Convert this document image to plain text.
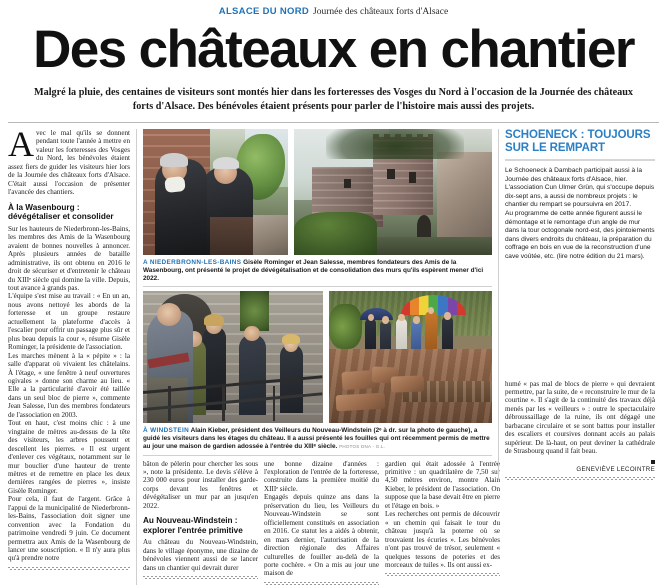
ALSACE DU NORD Journée des châteaux forts d'Alsace
Des châteaux en chantier
Malgré la pluie, des centaines de visiteurs sont montés hier dans les forteresses des Vosges du Nord à l'occasion de la Journée des châteaux forts d'Alsace. Des bénévoles étaient présents pour parler de l'histoire mais aussi des projets.

Avec le mal qu'ils se donnent pendant toute l'année à mettre en valeur les forteresses des Vosges du Nord, les bénévoles étaient assez fiers de guider les visiteurs hier lors de la Journée des châteaux forts d'Alsace. C'était aussi l'occasion de présenter l'avancée des chantiers.

À la Wasenbourg :
dévégétaliser et consolider

Sur les hauteurs de Niederbronn-les-Bains, les membres des Amis de la Wasenbourg avaient de bonnes nouvelles à annoncer. Après plusieurs années de bataille administrative, ils ont obtenu en 2016 le droit de sécuriser et d'entretenir le château du XIIIᵉ siècle qui domine la ville. Depuis, tout avance à grands pas.

L'équipe s'est mise au travail : « En un an, nous avons nettoyé les abords de la forteresse et un groupe restaure actuellement la plateforme d'accès à l'escalier pour offrir un passage plus sûr et plus beau depuis la cour », résume Gisèle Rominger, la présidente de l'association.

Les marches mènent à la « pépite » : la salle d'apparat où vivaient les châtelains. À l'étage, « une fenêtre à neuf ouvertures ogivales » donne son charme au lieu. « Elle a la particularité d'avoir été taillée dans un seul bloc de pierre », commente Jean Salesse, l'un des membres fondateurs de l'association en 2003.

Tout en haut, c'est moins chic : à une vingtaine de mètres au-dessus de la tête des visiteurs, les arbres poussent et descellent les pierres. « Il est urgent d'enlever ces végétaux, notamment sur le mur bouclier d'une hauteur de trente mètres et de remettre en place les deux dernières rangées de pierres », insiste Gisèle Rominger.

Pour cela, il faut de l'argent. Grâce à l'appui de la municipalité de Niederbronn-les-Bains, l'association doit signer une convention avec la Fondation du patrimoine vendredi 9 juin. Ce document permettra aux Amis de la Wasenbourg de lancer une souscription. « Il n'y aura plus qu'à prendre notre

A NIEDERBRONN-LES-BAINS Gisèle Rominger et Jean Salesse, membres fondateurs des Amis de la Wasenbourg, ont présenté le projet de dévégétalisation et de consolidation des murs qu'ils espèrent mener d'ici 2022.
À WINDSTEIN Alain Kieber, président des Veilleurs du Nouveau-Windstein (2ᵉ à dr. sur la photo de gauche), a guidé les visiteurs dans les étages du château. Il a aussi présenté les fouilles qui ont récemment permis de mettre au jour une maison de gardien adossée à l'entrée du XIIIᵉ siècle. PHOTOS DNA - G.L.

bâton de pèlerin pour chercher les sous », note la présidente. Le devis s'élève à 230 000 euros pour installer des garde-corps devant les fenêtres et dévégétaliser un mur par an jusqu'en 2022.

Au Nouveau-Windstein :
explorer l'entrée primitive

Au château du Nouveau-Windstein, dans le village éponyme, une dizaine de bénévoles viennent aussi de se lancer dans un chantier qui devrait durer

une bonne dizaine d'années : l'exploration de l'entrée de la forteresse, construite dans la première moitié du XIIIᵉ siècle.

Engagés depuis quinze ans dans la préservation du lieu, les Veilleurs du Nouveau-Windstein se sont officiellement constitués en association en 2016. Ce statut les a aidés à obtenir, en mars dernier, l'autorisation de la direction régionale des Affaires culturelles de fouiller au-delà de la porte cochère. « On a mis au jour une maison de

gardien qui était adossée à l'entrée primitive : un quadrilatère de 7,50 sur 4,50 mètres environ, montre Alain Kieber, le président de l'association. On suppose que la base devait être en pierre et l'étage en bois. »

Les recherches ont permis de découvrir « un chemin qui faisait le tour du château jusqu'à la poterne où se trouvaient les écuries ». Les bénévoles n'ont pas trouvé de trésor, seulement « quelques tessons de poteries et des morceaux de tuiles ». Ils ont aussi ex-

SCHOENECK : TOUJOURS
SUR LE REMPART

Le Schoeneck à Dambach participait aussi à la Journée des châteaux forts d'Alsace, hier.

L'association Cun Ulmer Grün, qui s'occupe depuis dix-sept ans, a aussi de nombreux projets : le chantier du rempart se poursuivra en 2017.

Au programme de cette année figurent aussi le démontage et le remontage d'un angle de mur dans la tour octogonale nord-est, des jointoiements dans divers endroits du château, la préparation du coffrage en bois en vue de la reconstruction d'une cave voûtée, etc. (lire notre édition du 21 mars).

humé « pas mal de blocs de pierre » qui devraient permettre, par la suite, de « reconstruire le mur de la courtine ». Il s'agit de la continuité des travaux déjà menés par les « veilleurs » : outre le spectaculaire débroussaillage de la ruine, ils ont dégagé une barbacane circulaire et se sont battus pour installer des escaliers et coursives donnant accès au palais supérieur. De là-haut, on peut deviner la cathédrale de Strasbourg quand il fait beau.

GENEVIÈVE LECOINTRE
